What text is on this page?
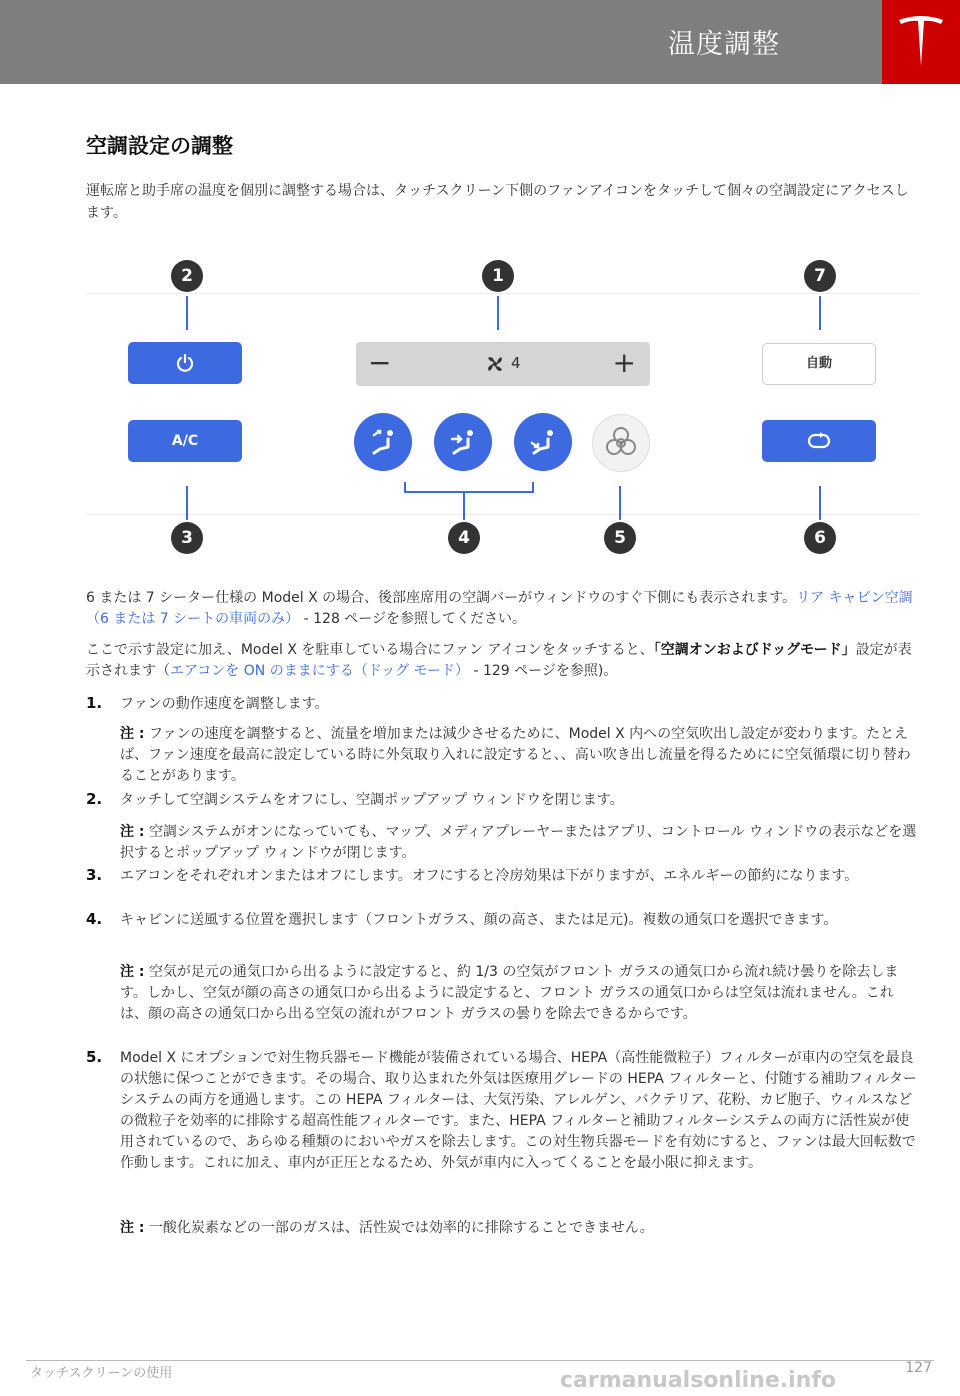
温度調整
空調設定の調整
運転席と助手席の温度を個別に調整する場合は、タッチスクリーン下側のファンアイコンをタッチして個々の空調設定にアクセスします。
2	1	7
−	4	+	自動
A/C
3	4	5	6
6 または 7 シーター仕様の Model X の場合、後部座席用の空調バーがウィンドウのすぐ下側にも表示されます。リア キャビン空調（6 または 7 シートの車両のみ） - 128 ページを参照してください。
ここで示す設定に加え、Model X を駐車している場合にファン アイコンをタッチすると、「空調オンおよびドッグモード」設定が表示されます（エアコンを ON のままにする（ドッグ モード） - 129 ページを参照)。
1. ファンの動作速度を調整します。
注 : ファンの速度を調整すると、流量を増加または減少させるために、Model X 内への空気吹出し設定が変わります。たとえば、ファン速度を最高に設定している時に外気取り入れに設定すると、、高い吹き出し流量を得るためにに空気循環に切り替わることがあります。
2. タッチして空調システムをオフにし、空調ポップアップ ウィンドウを閉じます。
注 : 空調システムがオンになっていても、マップ、メディアプレーヤーまたはアプリ、コントロール ウィンドウの表示などを選択するとポップアップ ウィンドウが閉じます。
3. エアコンをそれぞれオンまたはオフにします。オフにすると冷房効果は下がりますが、エネルギーの節約になります。
4. キャビンに送風する位置を選択します（フロントガラス、顔の高さ、または足元)。複数の通気口を選択できます。
注 : 空気が足元の通気口から出るように設定すると、約 1/3 の空気がフロント ガラスの通気口から流れ続け曇りを除去します。しかし、空気が顔の高さの通気口から出るように設定すると、フロント ガラスの通気口からは空気は流れません。これは、顔の高さの通気口から出る空気の流れがフロント ガラスの曇りを除去できるからです。
5. Model X にオプションで対生物兵器モード機能が装備されている場合、HEPA（高性能微粒子）フィルターが車内の空気を最良の状態に保つことができます。その場合、取り込まれた外気は医療用グレードの HEPA フィルターと、付随する補助フィルターシステムの両方を通過します。この HEPA フィルターは、大気汚染、アレルゲン、バクテリア、花粉、カビ胞子、ウィルスなどの微粒子を効率的に排除する超高性能フィルターです。また、HEPA フィルターと補助フィルターシステムの両方に活性炭が使用されているので、あらゆる種類のにおいやガスを除去します。この対生物兵器モードを有効にすると、ファンは最大回転数で作動します。これに加え、車内が正圧となるため、外気が車内に入ってくることを最小限に抑えます。
注 : 一酸化炭素などの一部のガスは、活性炭では効率的に排除することできません。
タッチスクリーンの使用	carmanualsonline.info	127
